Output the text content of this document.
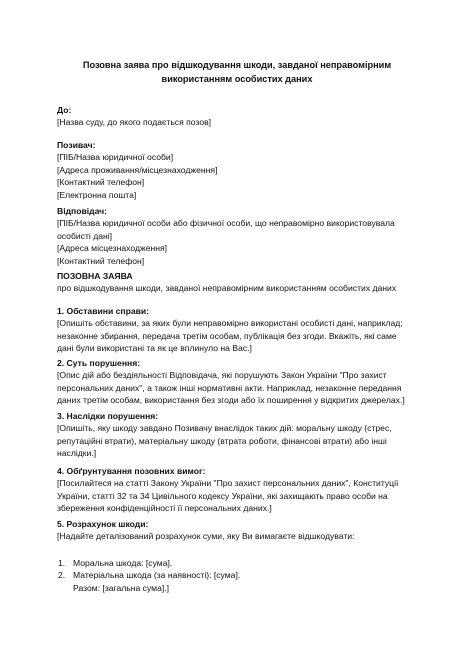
Позовна заява про відшкодування шкоди, завданої неправомірним
використанням особистих даних
До:
[Назва суду, до якого подається позов]
Позивач:
[ПІБ/Назва юридичної особи]
[Адреса проживання/місцезнаходження]
[Контактний телефон]
[Електронна пошта]
Відповідач:
[ПІБ/Назва юридичної особи або фізичної особи, що неправомірно використовувала
особисті дані]
[Адреса місцезнаходження]
[Контактний телефон]
ПОЗОВНА ЗАЯВА
про відшкодування шкоди, завданої неправомірним використанням особистих даних
1. Обставини справи:
[Опишіть обставини, за яких були неправомірно використані особисті дані, наприклад:
незаконне збирання, передача третім особам, публікація без згоди. Вкажіть, які саме
дані були використані та як це вплинуло на Вас.]
2. Суть порушення:
[Опис дій або бездіяльності Відповідача, які порушують Закон України "Про захист
персональних даних", а також інші нормативні акти. Наприклад, незаконне передання
даних третім особам, використання без згоди або їх поширення у відкритих джерелах.]
3. Наслідки порушення:
[Опишіть, яку шкоду завдано Позивачу внаслідок таких дій: моральну шкоду (стрес,
репутаційні втрати), матеріальну шкоду (втрата роботи, фінансові втрати) або інші
наслідки.]
4. Обґрунтування позовних вимог:
[Посилайтеся на статті Закону України "Про захист персональних даних", Конституції
України, статті 32 та 34 Цивільного кодексу України, які захищають право особи на
збереження конфіденційності її персональних даних.]
5. Розрахунок шкоди:
[Надайте деталізований розрахунок суми, яку Ви вимагаєте відшкодувати:
1. Моральна шкода: [сума].
2. Матеріальна шкода (за наявності): [сума].
Разом: [загальна сума].]
